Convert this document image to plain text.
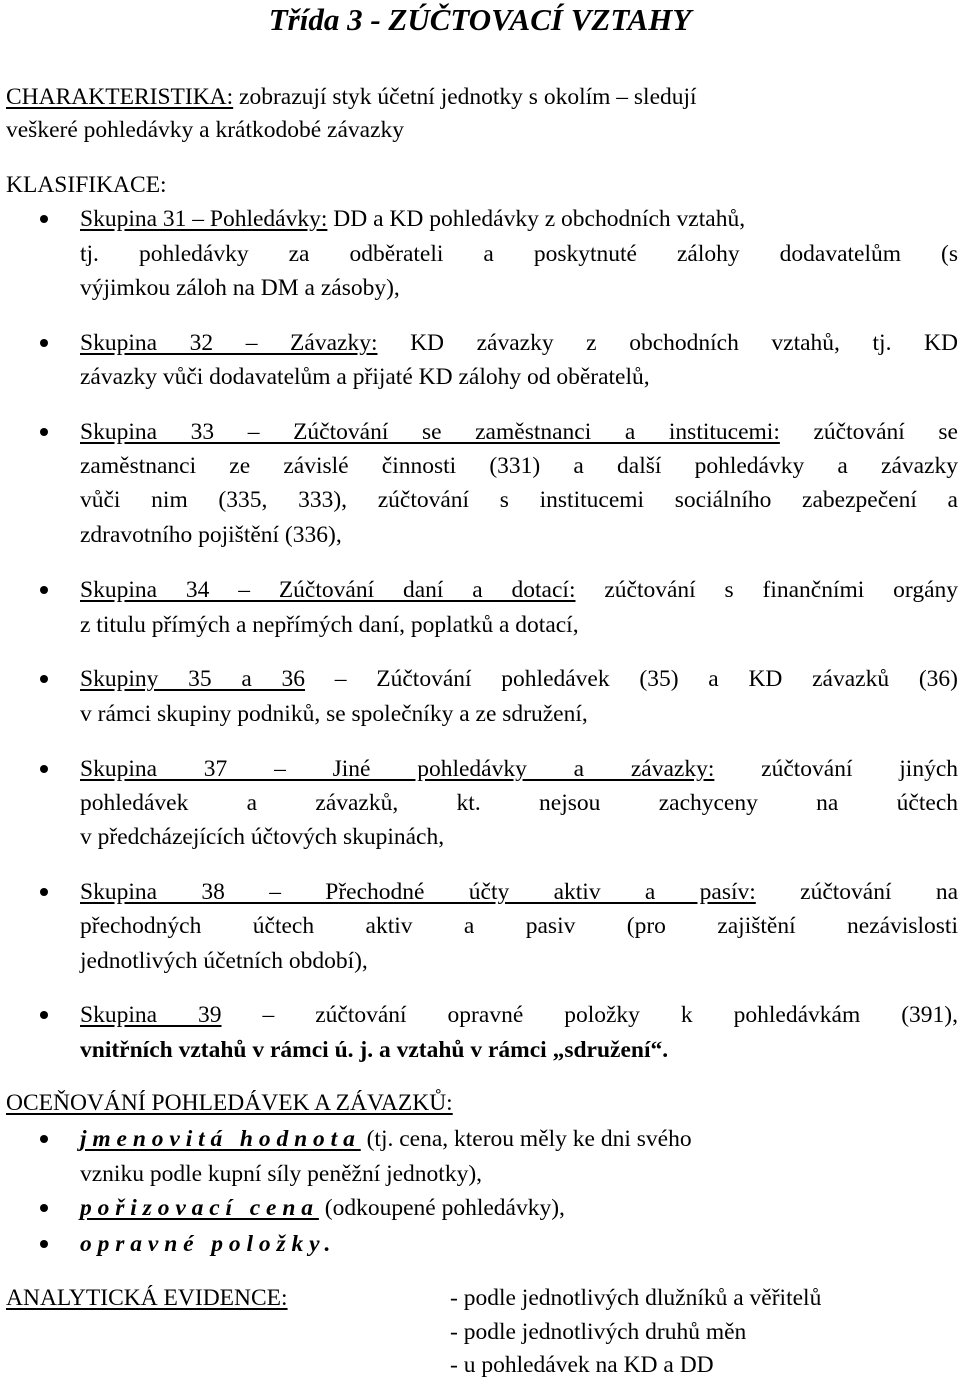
Třída 3 - ZÚČTOVACÍ VZTAHY
CHARAKTERISTIKA: zobrazují styk účetní jednotky s okolím – sledují
veškeré pohledávky a krátkodobé závazky
KLASIFIKACE:
Skupina 31 – Pohledávky: DD a KD pohledávky z obchodních vztahů,
tj. pohledávky za odběrateli a poskytnuté zálohy dodavatelům (s
výjimkou záloh na DM a zásoby),
Skupina 32 – Závazky: KD závazky z obchodních vztahů, tj. KD
závazky vůči dodavatelům a přijaté KD zálohy od oběratelů,
Skupina 33 – Zúčtování se zaměstnanci a institucemi: zúčtování se
zaměstnanci ze závislé činnosti (331) a další pohledávky a závazky
vůči nim (335, 333), zúčtování s institucemi sociálního zabezpečení a
zdravotního pojištění (336),
Skupina 34 – Zúčtování daní a dotací: zúčtování s finančními orgány
z titulu přímých a nepřímých daní, poplatků a dotací,
Skupiny 35 a 36 – Zúčtování pohledávek (35) a KD závazků (36)
v rámci skupiny podniků, se společníky a ze sdružení,
Skupina 37 – Jiné pohledávky a závazky: zúčtování jiných
pohledávek a závazků, kt. nejsou zachyceny na účtech
v předcházejících účtových skupinách,
Skupina 38 – Přechodné účty aktiv a pasív: zúčtování na
přechodných účtech aktiv a pasiv (pro zajištění nezávislosti
jednotlivých účetních období),
Skupina 39 – zúčtování opravné položky k pohledávkám (391),
vnitřních vztahů v rámci ú. j. a vztahů v rámci „sdružení“.
OCEŇOVÁNÍ POHLEDÁVEK A ZÁVAZKŮ:
jmenovitá hodnota (tj. cena, kterou měly ke dni svého
vzniku podle kupní síly peněžní jednotky),
pořizovací cena (odkoupené pohledávky),
opravné položky.
ANALYTICKÁ EVIDENCE:	- podle jednotlivých dlužníků a věřitelů
- podle jednotlivých druhů měn
- u pohledávek na KD a DD
